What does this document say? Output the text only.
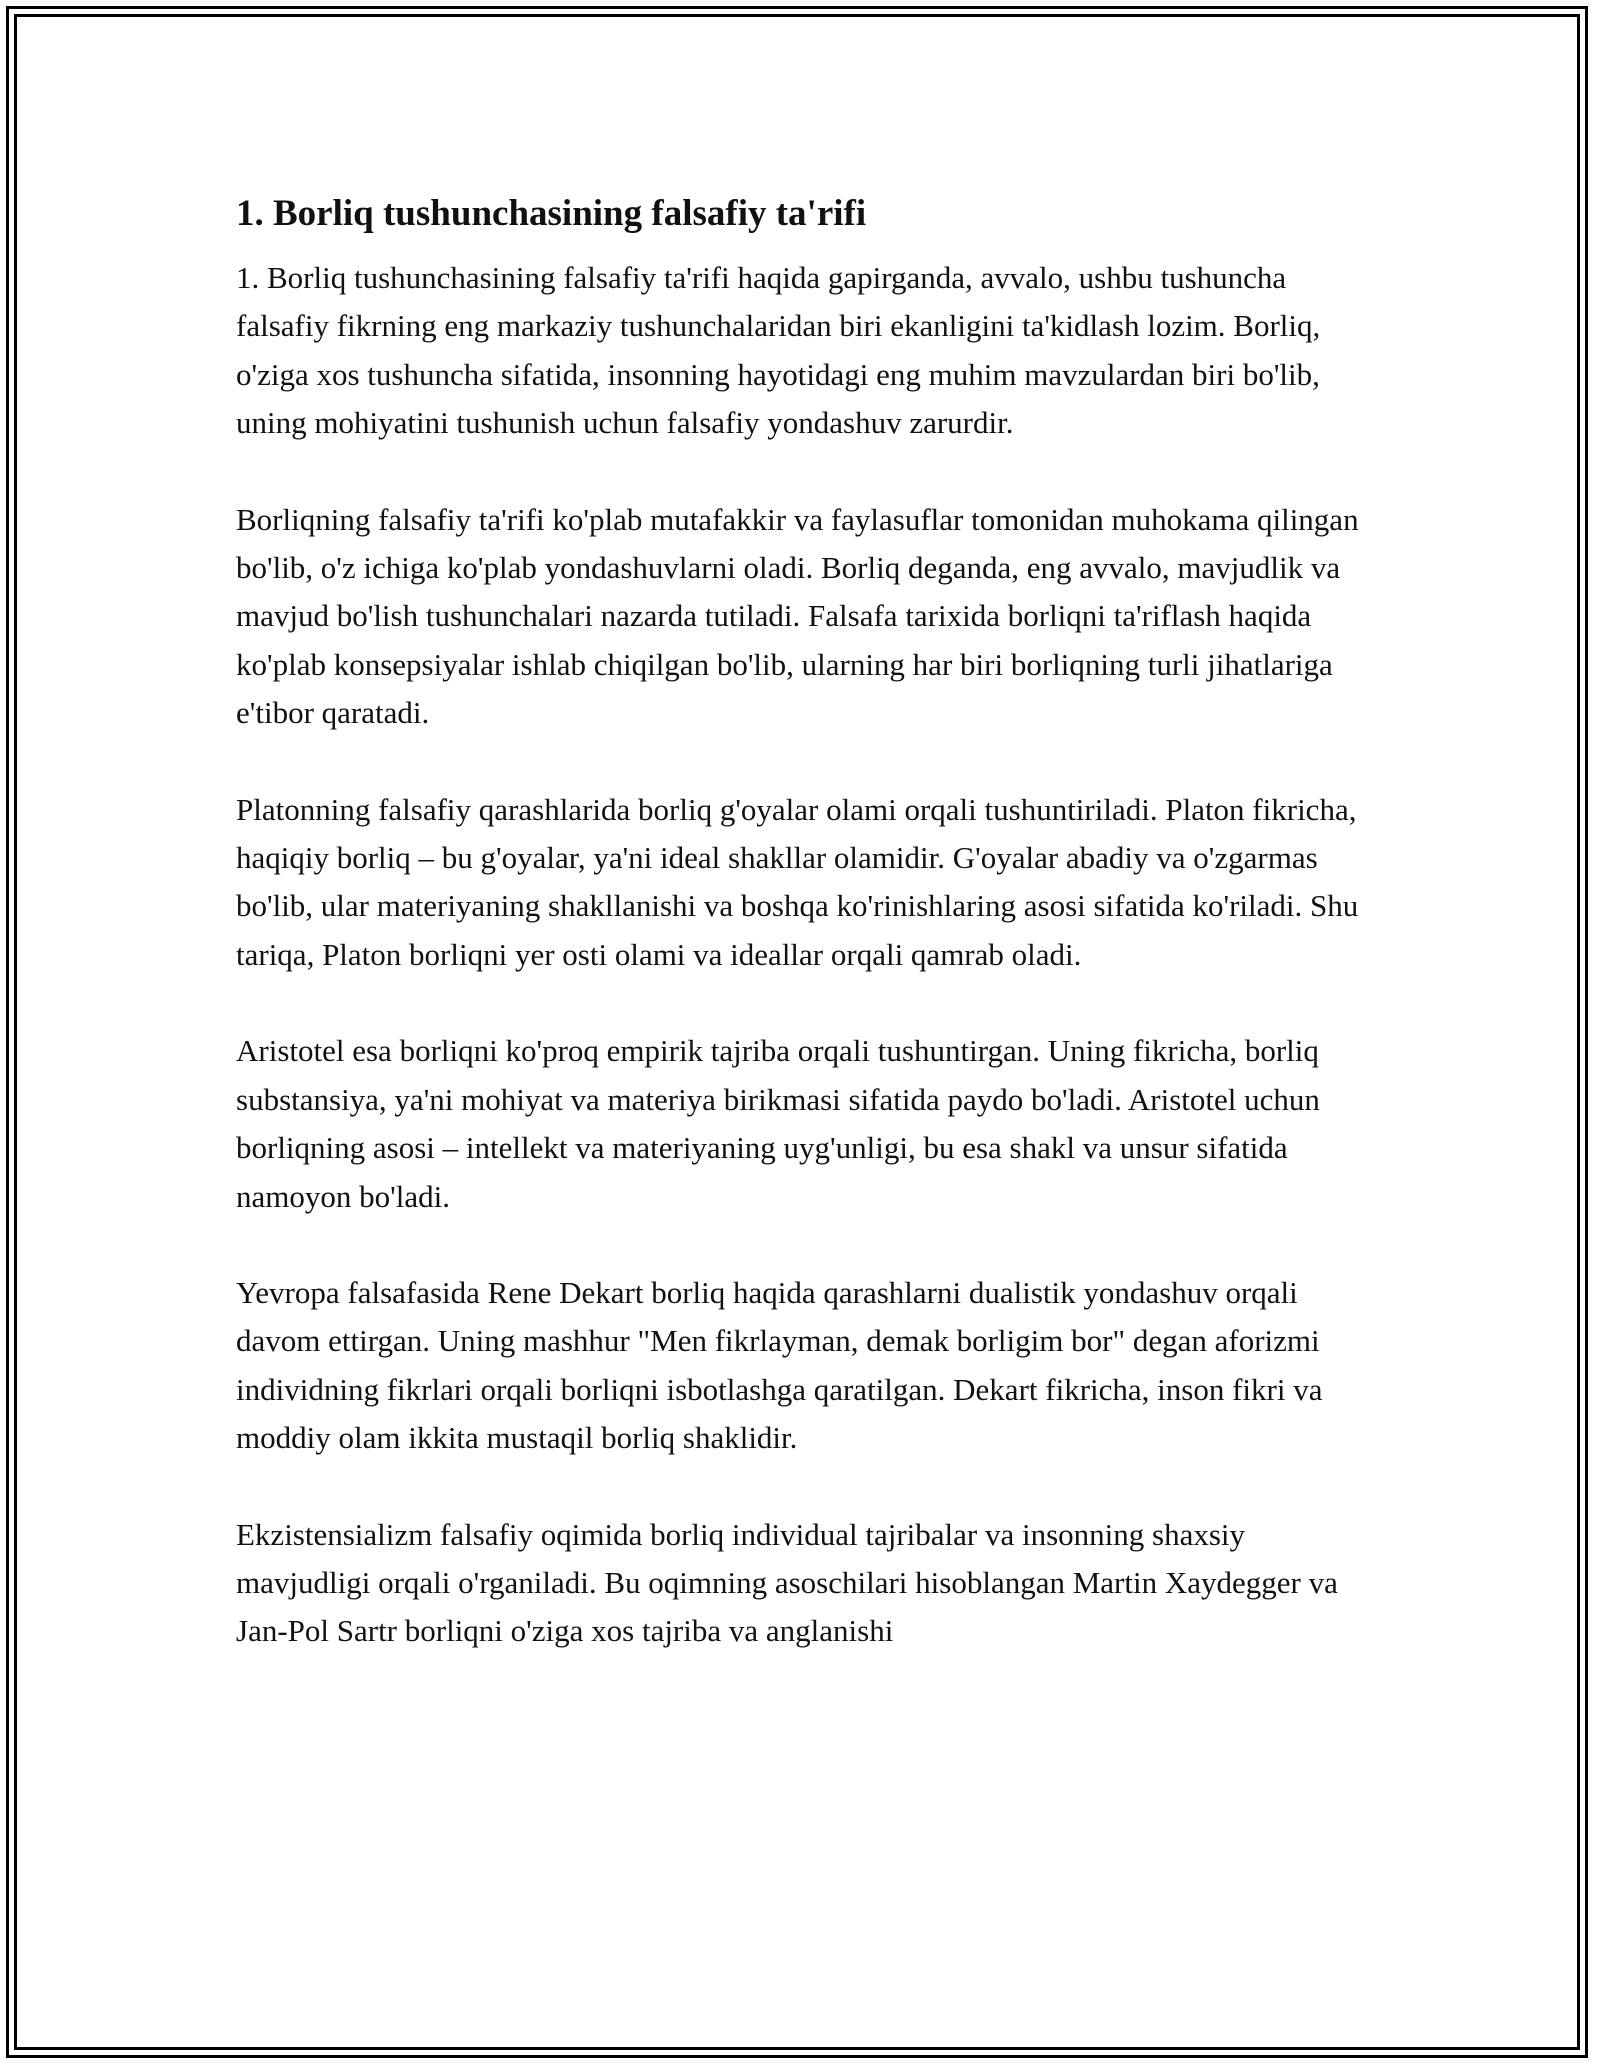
1. Borliq tushunchasining falsafiy ta'rifi

1. Borliq tushunchasining falsafiy ta'rifi haqida gapirganda, avvalo, ushbu tushuncha falsafiy fikrning eng markaziy tushunchalaridan biri ekanligini ta'kidlash lozim. Borliq, o'ziga xos tushuncha sifatida, insonning hayotidagi eng muhim mavzulardan biri bo'lib, uning mohiyatini tushunish uchun falsafiy yondashuv zarurdir.

Borliqning falsafiy ta'rifi ko'plab mutafakkir va faylasuflar tomonidan muhokama qilingan bo'lib, o'z ichiga ko'plab yondashuvlarni oladi. Borliq deganda, eng avvalo, mavjudlik va mavjud bo'lish tushunchalari nazarda tutiladi. Falsafa tarixida borliqni ta'riflash haqida ko'plab konsepsiyalar ishlab chiqilgan bo'lib, ularning har biri borliqning turli jihatlariga e'tibor qaratadi.

Platonning falsafiy qarashlarida borliq g'oyalar olami orqali tushuntiriladi. Platon fikricha, haqiqiy borliq – bu g'oyalar, ya'ni ideal shakllar olamidir. G'oyalar abadiy va o'zgarmas bo'lib, ular materiyaning shakllanishi va boshqa ko'rinishlaring asosi sifatida ko'riladi. Shu tariqa, Platon borliqni yer osti olami va ideallar orqali qamrab oladi.

Aristotel esa borliqni ko'proq empirik tajriba orqali tushuntirgan. Uning fikricha, borliq substansiya, ya'ni mohiyat va materiya birikmasi sifatida paydo bo'ladi. Aristotel uchun borliqning asosi – intellekt va materiyaning uyg'unligi, bu esa shakl va unsur sifatida namoyon bo'ladi.

Yevropa falsafasida Rene Dekart borliq haqida qarashlarni dualistik yondashuv orqali davom ettirgan. Uning mashhur "Men fikrlayman, demak borligim bor" degan aforizmi individning fikrlari orqali borliqni isbotlashga qaratilgan. Dekart fikricha, inson fikri va moddiy olam ikkita mustaqil borliq shaklidir.

Ekzistensializm falsafiy oqimida borliq individual tajribalar va insonning shaxsiy mavjudligi orqali o'rganiladi. Bu oqimning asoschilari hisoblangan Martin Xaydegger va Jan-Pol Sartr borliqni o'ziga xos tajriba va anglanishi
